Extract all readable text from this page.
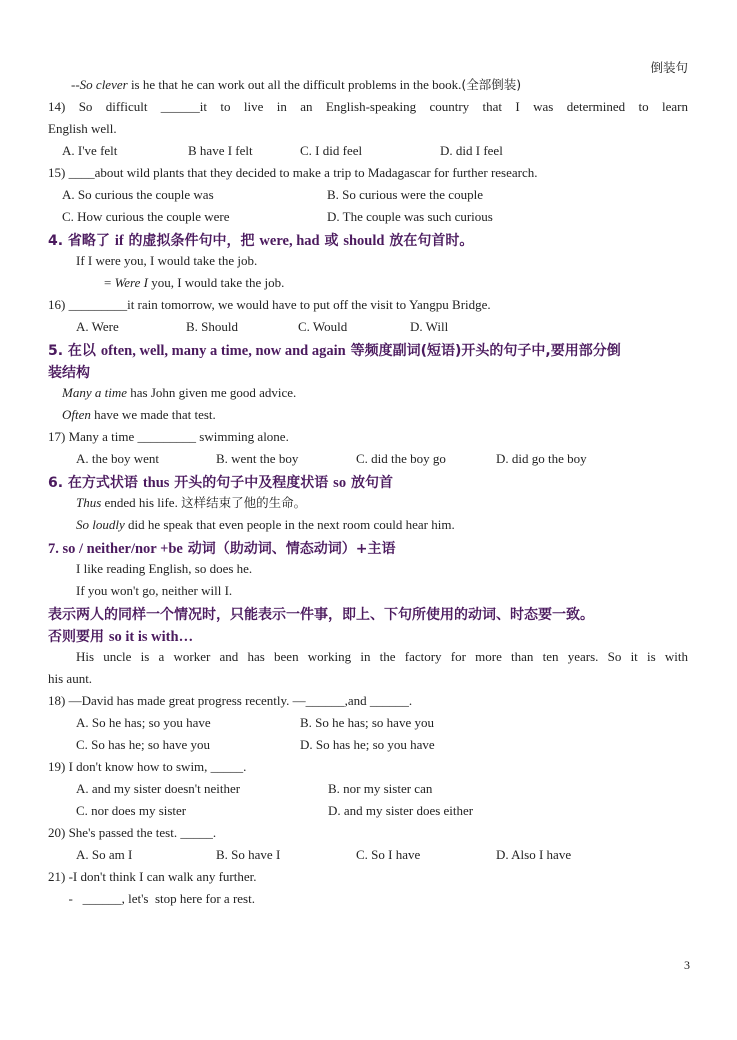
倒装句
--So clever is he that he can work out all the difficult problems in the book.(全部倒装)
14) So difficult ______it to live in an English-speaking country that I was determined to learn
English well.
A. I've felt	B have I felt	C. I did feel	D. did I feel
15) ____about wild plants that they decided to make a trip to Madagascar for further research.
A. So curious the couple was	B. So curious were the couple
C. How curious the couple were	D. The couple was such curious
4. 省略了 if 的虚拟条件句中，把 were, had 或 should 放在句首时。
If I were you, I would take the job.
= Were I you, I would take the job.
16) _________it rain tomorrow, we would have to put off the visit to Yangpu Bridge.
A. Were	B. Should	C. Would	D. Will
5. 在以 often, well, many a time, now and again 等频度副词(短语)开头的句子中,要用部分倒
装结构
Many a time has John given me good advice.
Often have we made that test.
17) Many a time _________ swimming alone.
A. the boy went	B. went the boy	C. did the boy go	D. did go the boy
6. 在方式状语 thus 开头的句子中及程度状语 so 放句首
Thus ended his life. 这样结束了他的生命。
So loudly did he speak that even people in the next room could hear him.
7. so / neither/nor +be 动词（助动词、情态动词）+主语
I like reading English, so does he.
If you won't go, neither will I.
表示两人的同样一个情况时，只能表示一件事，即上、下句所使用的动词、时态要一致。
否则要用 so it is with…
His uncle is a worker and has been working in the factory for more than ten years. So it is with
his aunt.
18) —David has made great progress recently. —______,and ______.
A. So he has; so you have	B. So he has; so have you
C. So has he; so have you	D. So has he; so you have
19) I don't know how to swim, _____.
A. and my sister doesn't neither	B. nor my sister can
C. nor does my sister	D. and my sister does either
20) She's passed the test. _____.
A. So am I	B. So have I	C. So I have	D. Also I have
21) -I don't think I can walk any further.
-   ______, let's  stop here for a rest.
3
